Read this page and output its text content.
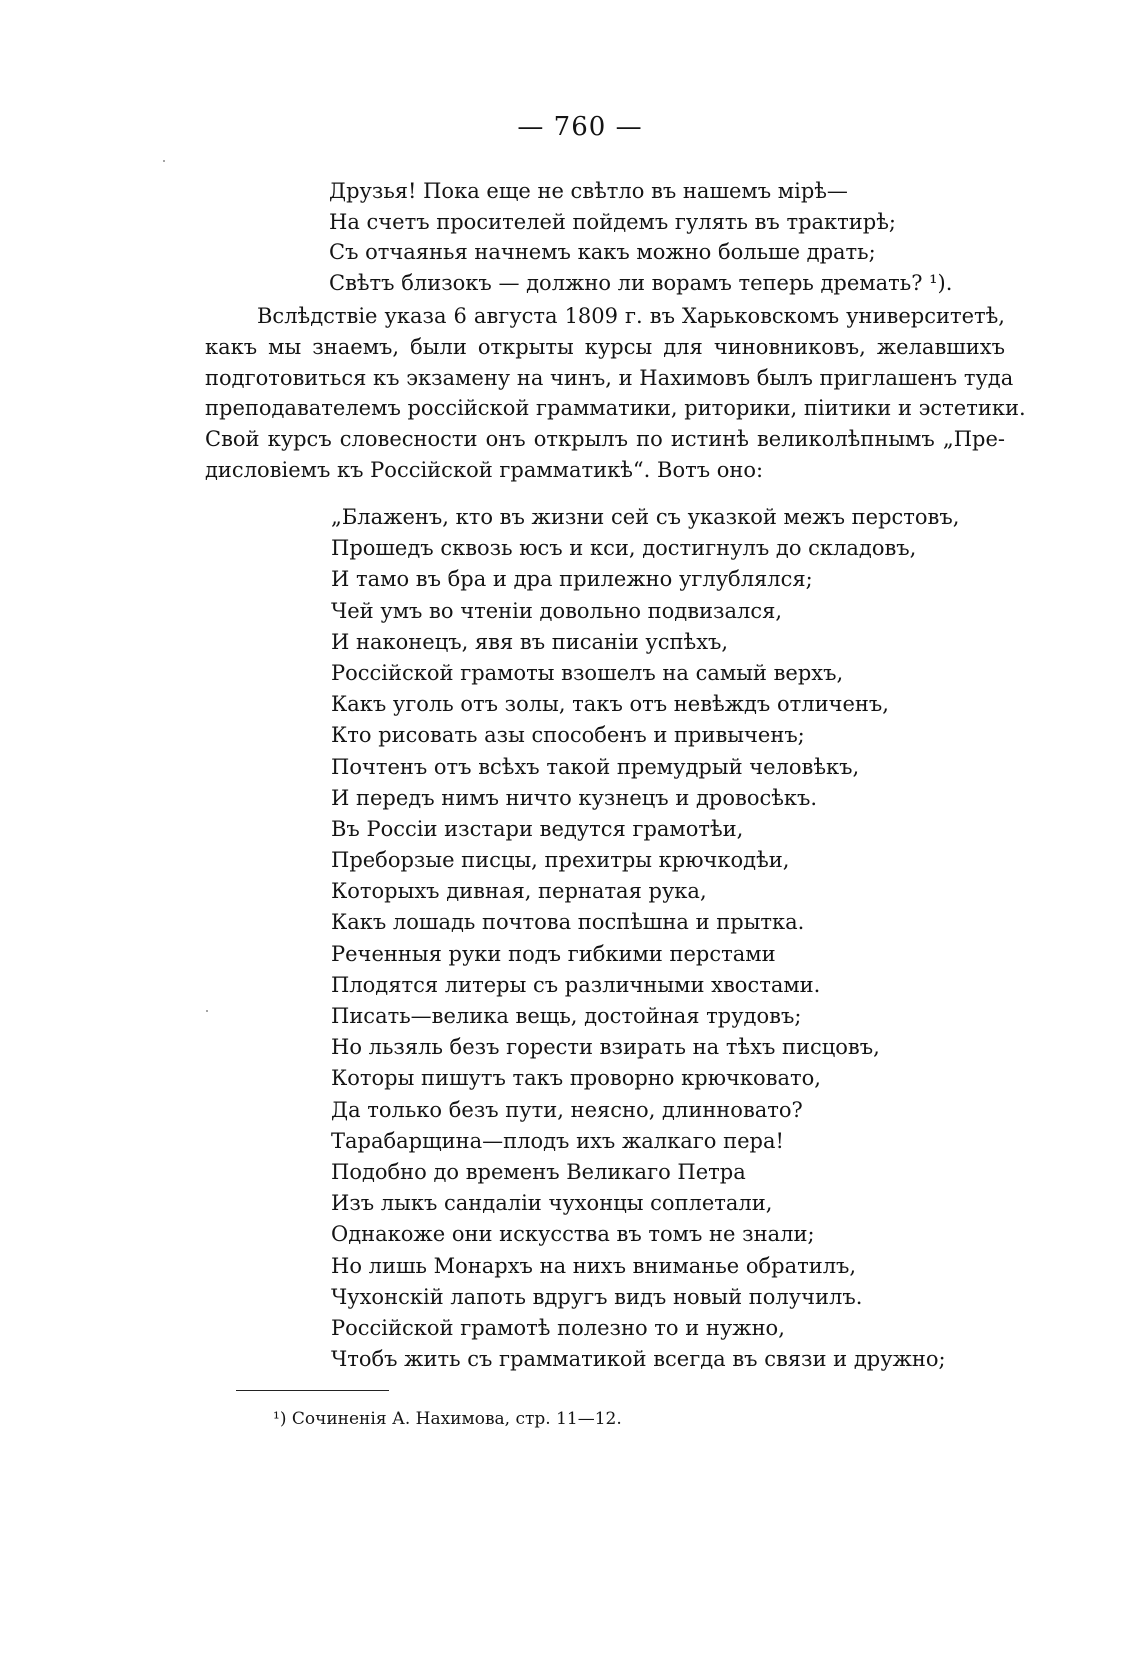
— 760 —
Друзья! Пока еще не свѣтло въ нашемъ мірѣ—
На счетъ просителей пойдемъ гулять въ трактирѣ;
Съ отчаянья начнемъ какъ можно больше драть;
Свѣтъ близокъ — должно ли ворамъ теперь дремать? ¹).
Вслѣдствіе указа 6 августа 1809 г. въ Харьковскомъ университетѣ,
какъ мы знаемъ, были открыты курсы для чиновниковъ, желавшихъ
подготовиться къ экзамену на чинъ, и Нахимовъ былъ приглашенъ туда
преподавателемъ россійской грамматики, риторики, піитики и эстетики.
Свой курсъ словесности онъ открылъ по истинѣ великолѣпнымъ „Пре-
дисловіемъ къ Россійской грамматикѣ“. Вотъ оно:
„Блаженъ, кто въ жизни сей съ указкой межъ перстовъ,
Прошедъ сквозь юсъ и кси, достигнулъ до складовъ,
И тамо въ бра и дра прилежно углублялся;
Чей умъ во чтеніи довольно подвизался,
И наконецъ, явя въ писаніи успѣхъ,
Россійской грамоты взошелъ на самый верхъ,
Какъ уголь отъ золы, такъ отъ невѣждъ отличенъ,
Кто рисовать азы способенъ и привыченъ;
Почтенъ отъ всѣхъ такой премудрый человѣкъ,
И передъ нимъ ничто кузнецъ и дровосѣкъ.
Въ Россіи изстари ведутся грамотѣи,
Преборзые писцы, прехитры крючкодѣи,
Которыхъ дивная, пернатая рука,
Какъ лошадь почтова поспѣшна и прытка.
Реченныя руки подъ гибкими перстами
Плодятся литеры съ различными хвостами.
Писать—велика вещь, достойная трудовъ;
Но льзяль безъ горести взирать на тѣхъ писцовъ,
Которы пишутъ такъ проворно крючковато,
Да только безъ пути, неясно, длинновато?
Тарабарщина—плодъ ихъ жалкаго пера!
Подобно до временъ Великаго Петра
Изъ лыкъ сандаліи чухонцы соплетали,
Однакоже они искусства въ томъ не знали;
Но лишь Монархъ на нихъ вниманье обратилъ,
Чухонскій лапоть вдругъ видъ новый получилъ.
Россійской грамотѣ полезно то и нужно,
Чтобъ жить съ грамматикой всегда въ связи и дружно;
¹) Сочиненія А. Нахимова, стр. 11—12.
